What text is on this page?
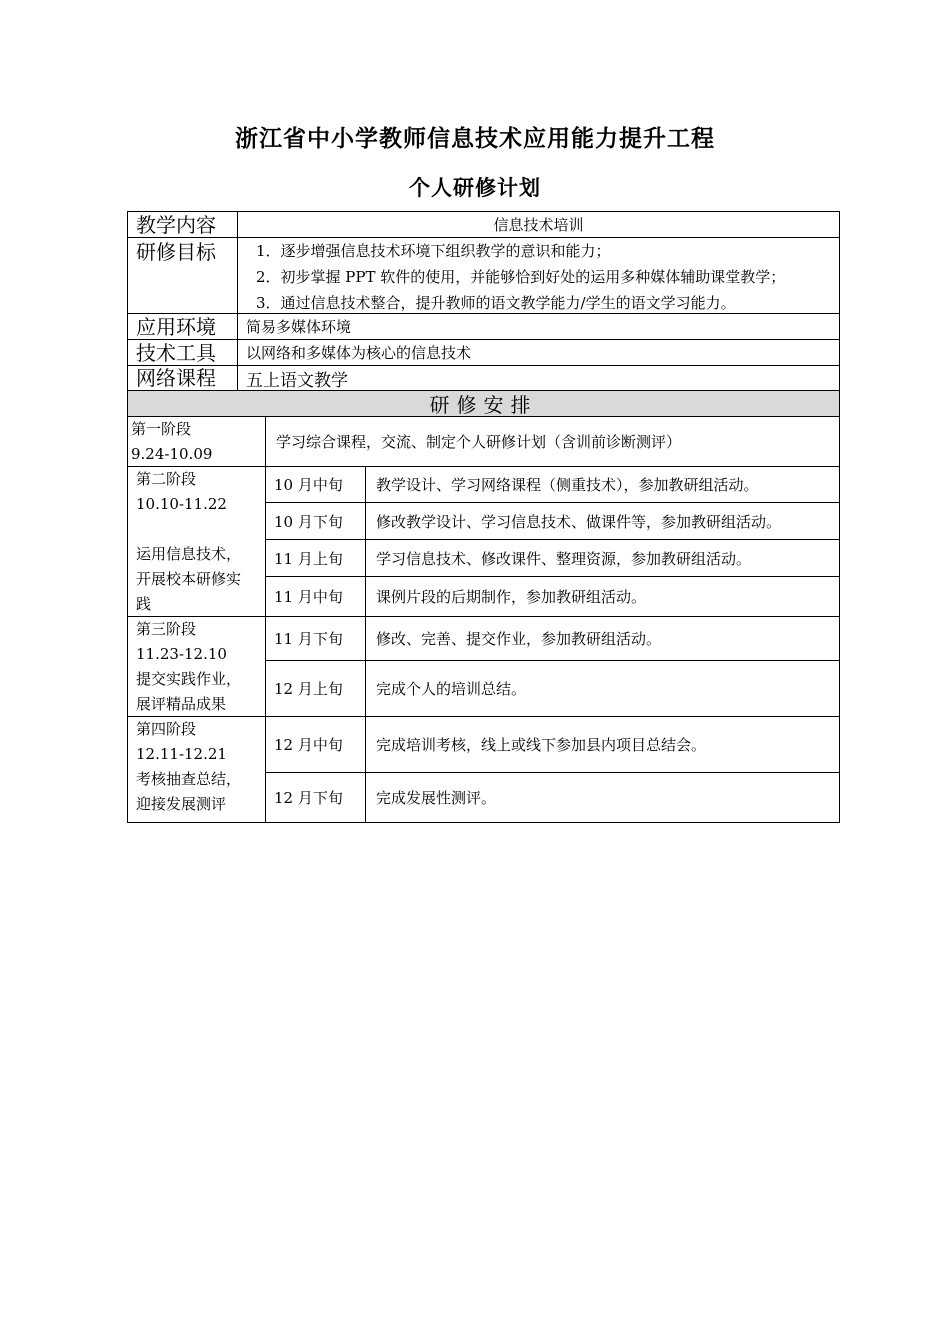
浙江省中小学教师信息技术应用能力提升工程
个人研修计划
教学内容	信息技术培训
研修目标	1．逐步增强信息技术环境下组织教学的意识和能力；
2．初步掌握 PPT 软件的使用，并能够恰到好处的运用多种媒体辅助课堂教学；
3．通过信息技术整合，提升教师的语文教学能力/学生的语文学习能力。
应用环境 简易多媒体环境
技术工具 以网络和多媒体为核心的信息技术
网络课程 五上语文教学
研修安排
第一阶段
9.24-10.09
学习综合课程，交流、制定个人研修计划（含训前诊断测评）
第二阶段
10.10-11.22
运用信息技术，
开展校本研修实
践
10 月中旬 教学设计、学习网络课程（侧重技术），参加教研组活动。
10 月下旬 修改教学设计、学习信息技术、做课件等，参加教研组活动。
11 月上旬 学习信息技术、修改课件、整理资源，参加教研组活动。
11 月中旬 课例片段的后期制作，参加教研组活动。
第三阶段
11.23-12.10
提交实践作业，
展评精品成果
11 月下旬 修改、完善、提交作业，参加教研组活动。
12 月上旬 完成个人的培训总结。
第四阶段
12.11-12.21
考核抽查总结，
迎接发展测评
12 月中旬 完成培训考核，线上或线下参加县内项目总结会。
12 月下旬 完成发展性测评。
